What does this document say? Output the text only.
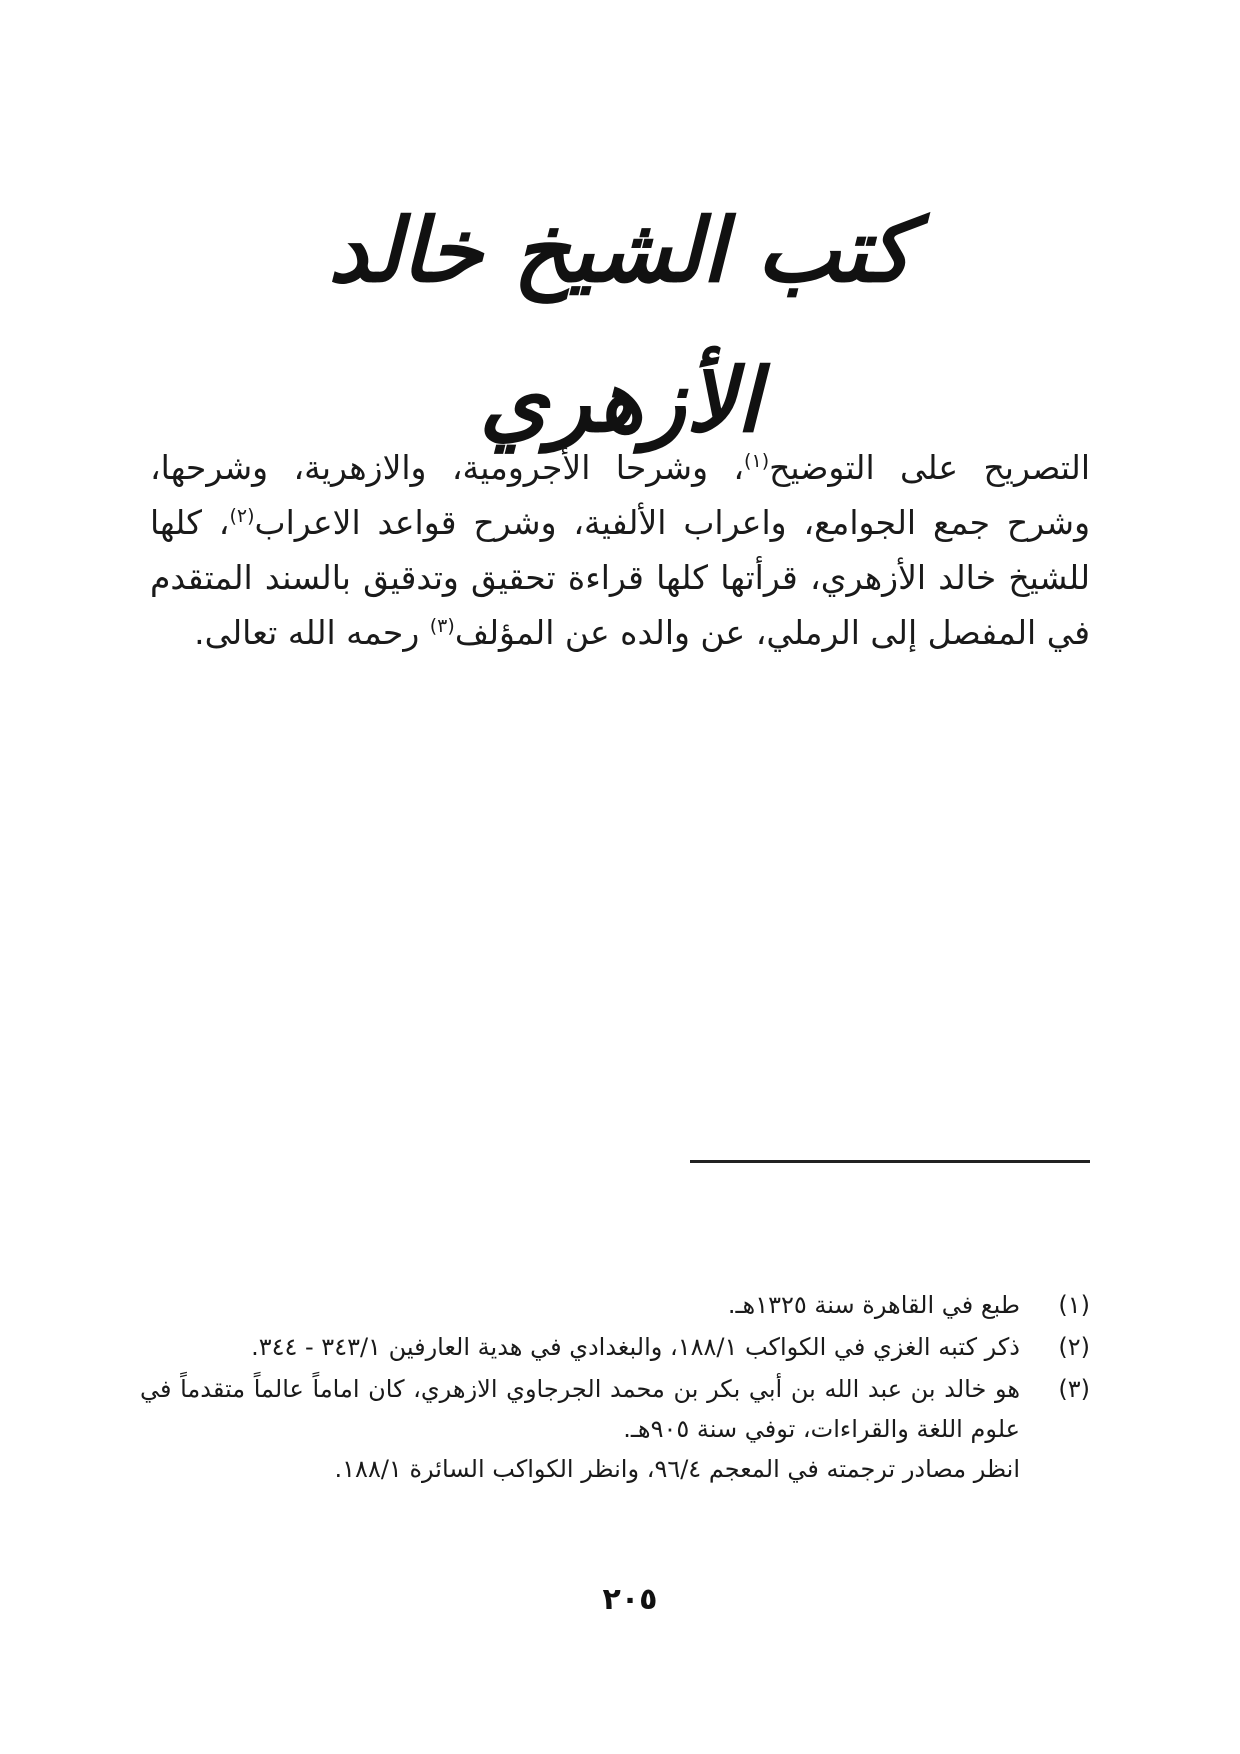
كتب الشيخ خالد الأزهري

التصريح على التوضيح$^{(١)}$، وشرحا الأجرومية، والازهرية، وشرحها، وشرح جمع الجوامع، واعراب الألفية، وشرح قواعد الاعراب$^{(٢)}$، كلها للشيخ خالد الأزهري، قرأتها كلها قراءة تحقيق وتدقيق بالسند المتقدم في المفصل إلى الرملي، عن والده عن المؤلف$^{(٣)}$ رحمه الله تعالى.

(١)
طبع في القاهرة سنة ١٣٢٥هـ.
(٢)
ذكر كتبه الغزي في الكواكب ١٨٨/١، والبغدادي في هدية العارفين ٣٤٣/١ - ٣٤٤.
(٣)
هو خالد بن عبد الله بن أبي بكر بن محمد الجرجاوي الازهري، كان اماماً عالماً متقدماً في علوم اللغة والقراءات، توفي سنة ٩٠٥هـ.
انظر مصادر ترجمته في المعجم ٩٦/٤، وانظر الكواكب السائرة ١٨٨/١.
٢٠٥
